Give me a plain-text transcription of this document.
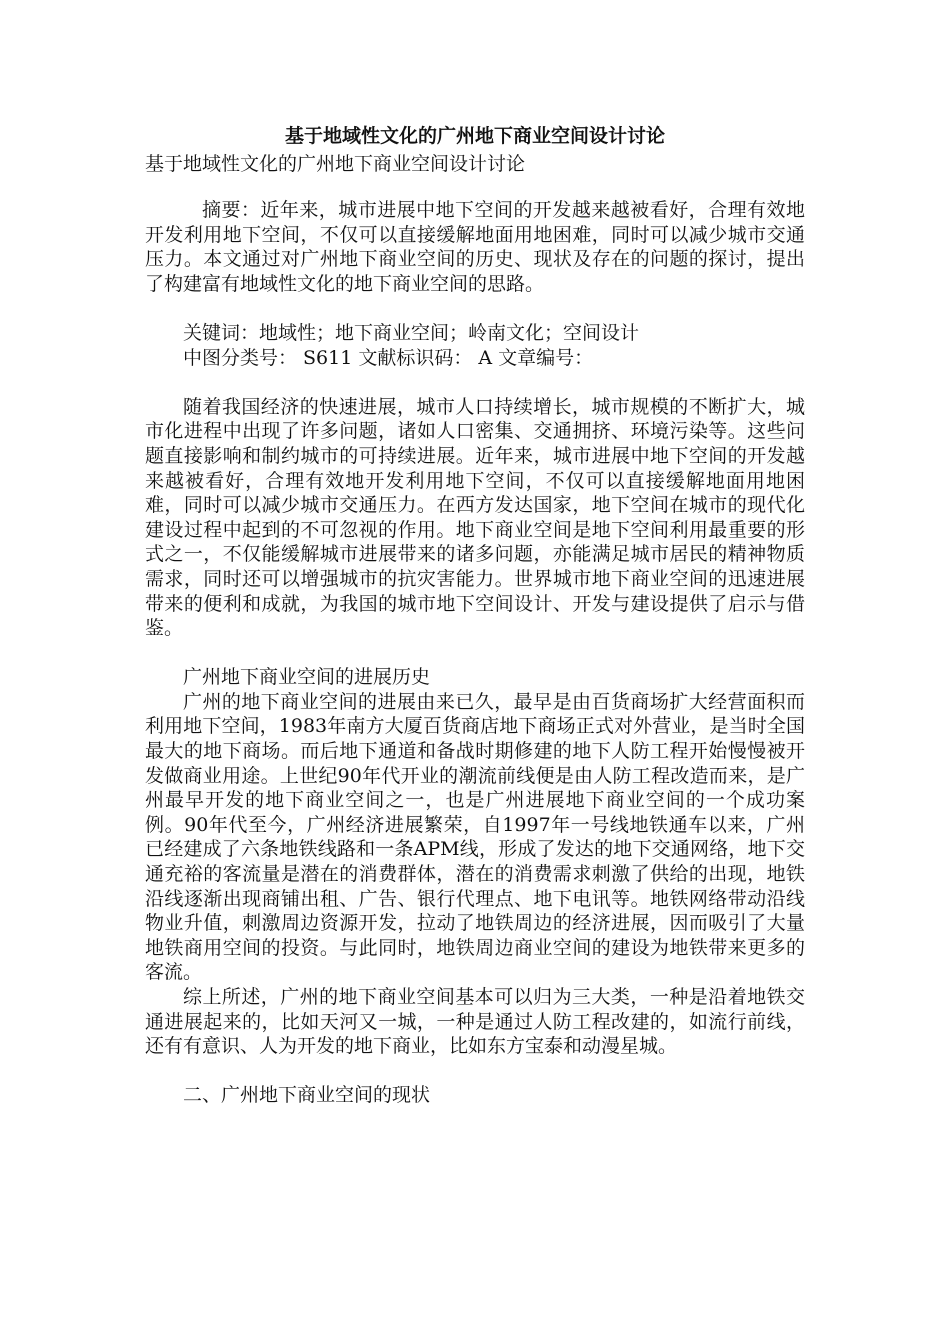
基于地域性文化的广州地下商业空间设计讨论
基于地域性文化的广州地下商业空间设计讨论

摘要：近年来，城市进展中地下空间的开发越来越被看好，合理有效地开发利用地下空间，不仅可以直接缓解地面用地困难，同时可以减少城市交通压力。本文通过对广州地下商业空间的历史、现状及存在的问题的探讨，提出了构建富有地域性文化的地下商业空间的思路。

关键词：地域性；地下商业空间；岭南文化；空间设计
中图分类号： S611 文献标识码： A 文章编号：

随着我国经济的快速进展，城市人口持续增长，城市规模的不断扩大，城市化进程中出现了许多问题，诸如人口密集、交通拥挤、环境污染等。这些问题直接影响和制约城市的可持续进展。近年来，城市进展中地下空间的开发越来越被看好，合理有效地开发利用地下空间，不仅可以直接缓解地面用地困难，同时可以减少城市交通压力。在西方发达国家，地下空间在城市的现代化建设过程中起到的不可忽视的作用。地下商业空间是地下空间利用最重要的形式之一，不仅能缓解城市进展带来的诸多问题，亦能满足城市居民的精神物质需求，同时还可以增强城市的抗灾害能力。世界城市地下商业空间的迅速进展带来的便利和成就，为我国的城市地下空间设计、开发与建设提供了启示与借鉴。

广州地下商业空间的进展历史

广州的地下商业空间的进展由来已久，最早是由百货商场扩大经营面积而利用地下空间，1983年南方大厦百货商店地下商场正式对外营业，是当时全国最大的地下商场。而后地下通道和备战时期修建的地下人防工程开始慢慢被开发做商业用途。上世纪90年代开业的潮流前线便是由人防工程改造而来，是广州最早开发的地下商业空间之一，也是广州进展地下商业空间的一个成功案例。90年代至今，广州经济进展繁荣，自1997年一号线地铁通车以来，广州已经建成了六条地铁线路和一条APM线，形成了发达的地下交通网络，地下交通充裕的客流量是潜在的消费群体，潜在的消费需求刺激了供给的出现，地铁沿线逐渐出现商铺出租、广告、银行代理点、地下电讯等。地铁网络带动沿线物业升值，刺激周边资源开发，拉动了地铁周边的经济进展，因而吸引了大量地铁商用空间的投资。与此同时，地铁周边商业空间的建设为地铁带来更多的客流。

综上所述，广州的地下商业空间基本可以归为三大类，一种是沿着地铁交通进展起来的，比如天河又一城，一种是通过人防工程改建的，如流行前线，还有有意识、人为开发的地下商业，比如东方宝泰和动漫星城。

二、广州地下商业空间的现状
